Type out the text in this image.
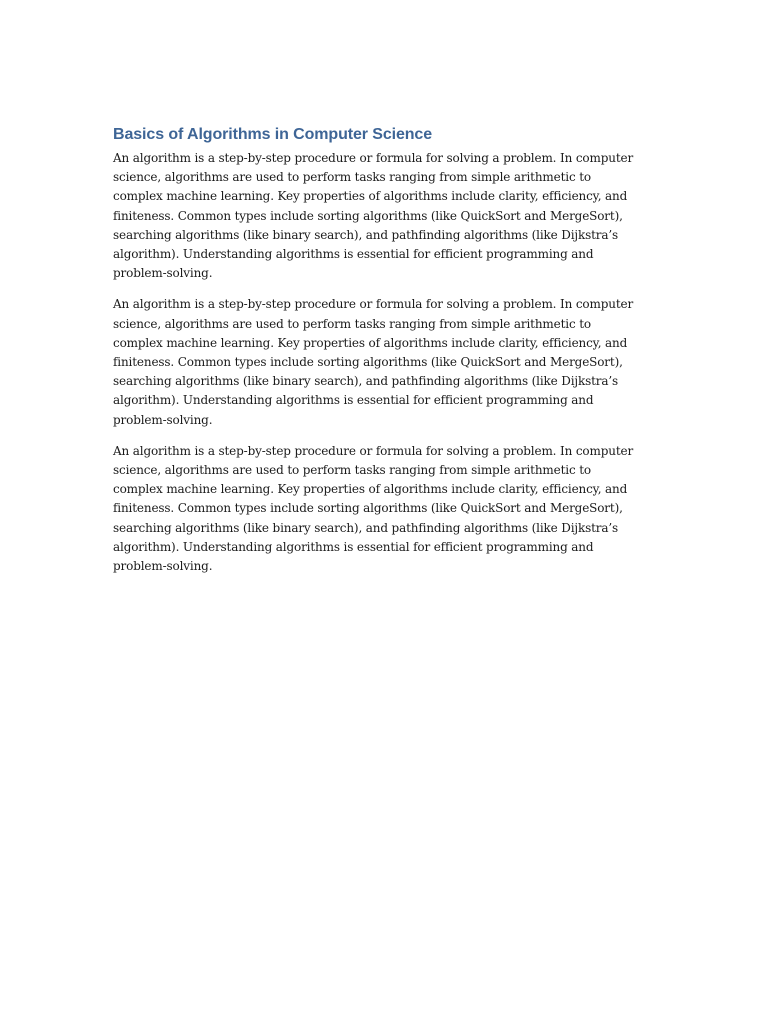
Basics of Algorithms in Computer Science

An algorithm is a step-by-step procedure or formula for solving a problem. In computer science, algorithms are used to perform tasks ranging from simple arithmetic to complex machine learning. Key properties of algorithms include clarity, efficiency, and finiteness. Common types include sorting algorithms (like QuickSort and MergeSort), searching algorithms (like binary search), and pathfinding algorithms (like Dijkstra’s algorithm). Understanding algorithms is essential for efficient programming and problem-solving.

An algorithm is a step-by-step procedure or formula for solving a problem. In computer science, algorithms are used to perform tasks ranging from simple arithmetic to complex machine learning. Key properties of algorithms include clarity, efficiency, and finiteness. Common types include sorting algorithms (like QuickSort and MergeSort), searching algorithms (like binary search), and pathfinding algorithms (like Dijkstra’s algorithm). Understanding algorithms is essential for efficient programming and problem-solving.

An algorithm is a step-by-step procedure or formula for solving a problem. In computer science, algorithms are used to perform tasks ranging from simple arithmetic to complex machine learning. Key properties of algorithms include clarity, efficiency, and finiteness. Common types include sorting algorithms (like QuickSort and MergeSort), searching algorithms (like binary search), and pathfinding algorithms (like Dijkstra’s algorithm). Understanding algorithms is essential for efficient programming and problem-solving.
